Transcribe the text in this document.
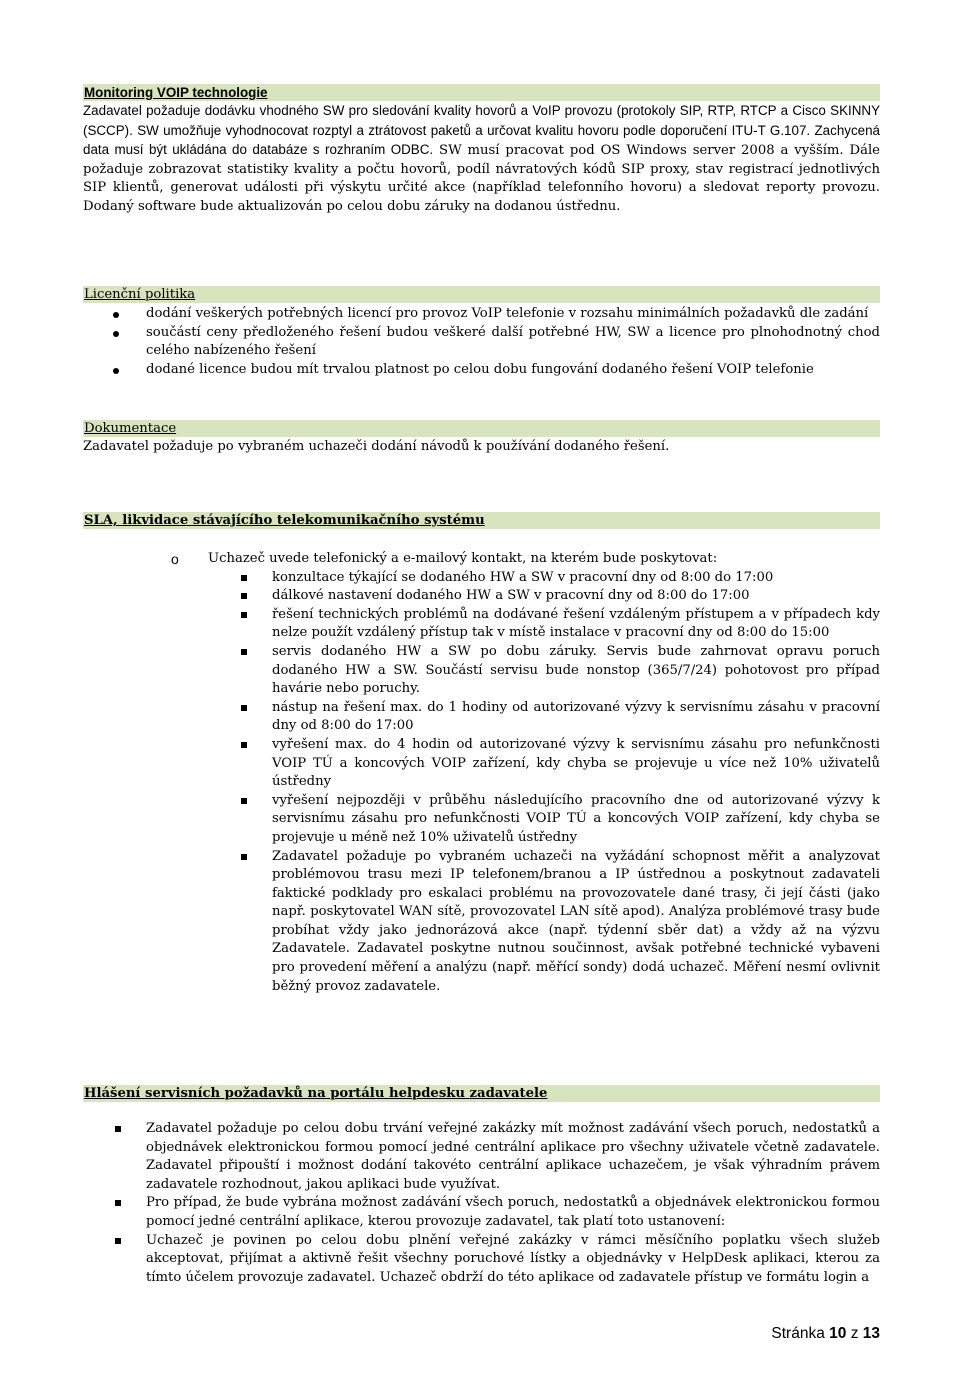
Monitoring VOIP technologie
Zadavatel požaduje dodávku vhodného SW pro sledování kvality hovorů a VoIP provozu (protokoly SIP, RTP, RTCP a Cisco SKINNY (SCCP). SW umožňuje vyhodnocovat rozptyl a ztrátovost paketů a určovat kvalitu hovoru podle doporučení ITU-T G.107. Zachycená data musí být ukládána do databáze s rozhraním ODBC. SW musí pracovat pod OS Windows server 2008 a vyšším. Dále požaduje zobrazovat statistiky kvality a počtu hovorů, podíl návratových kódů SIP proxy, stav registrací jednotlivých SIP klientů, generovat události při výskytu určité akce (například telefonního hovoru) a sledovat reporty provozu. Dodaný software bude aktualizován po celou dobu záruky na dodanou ústřednu.
Licenční politika
dodání veškerých potřebných licencí pro provoz VoIP telefonie v rozsahu minimálních požadavků dle zadání
součástí ceny předloženého řešení budou veškeré další potřebné HW, SW a licence pro plnohodnotný chod celého nabízeného řešení
dodané licence budou mít trvalou platnost po celou dobu fungování dodaného řešení VOIP telefonie
Dokumentace
Zadavatel požaduje po vybraném uchazeči dodání návodů k používání dodaného řešení.
SLA, likvidace stávajícího telekomunikačního systému
o Uchazeč uvede telefonický a e-mailový kontakt, na kterém bude poskytovat:
konzultace týkající se dodaného HW a SW v pracovní dny od 8:00 do 17:00
dálkové nastavení dodaného HW a SW v pracovní dny od 8:00 do 17:00
řešení technických problémů na dodávané řešení vzdáleným přístupem a v případech kdy nelze použít vzdálený přístup tak v místě instalace v pracovní dny od 8:00 do 15:00
servis dodaného HW a SW po dobu záruky. Servis bude zahrnovat opravu poruch dodaného HW a SW. Součástí servisu bude nonstop (365/7/24) pohotovost pro případ havárie nebo poruchy.
nástup na řešení max. do 1 hodiny od autorizované výzvy k servisnímu zásahu v pracovní dny od 8:00 do 17:00
vyřešení max. do 4 hodin od autorizované výzvy k servisnímu zásahu pro nefunkčnosti VOIP TÚ a koncových VOIP zařízení, kdy chyba se projevuje u více než 10% uživatelů ústředny
vyřešení nejpozději v průběhu následujícího pracovního dne od autorizované výzvy k servisnímu zásahu pro nefunkčnosti VOIP TÚ a koncových VOIP zařízení, kdy chyba se projevuje u méně než 10% uživatelů ústředny
Zadavatel požaduje po vybraném uchazeči na vyžádání schopnost měřit a analyzovat problémovou trasu mezi IP telefonem/branou a IP ústřednou a poskytnout zadavateli faktické podklady pro eskalaci problému na provozovatele dané trasy, či její části (jako např. poskytovatel WAN sítě, provozovatel LAN sítě apod). Analýza problémové trasy bude probíhat vždy jako jednorázová akce (např. týdenní sběr dat) a vždy až na výzvu Zadavatele. Zadavatel poskytne nutnou součinnost, avšak potřebné technické vybaveni pro provedení měření a analýzu (např. měřící sondy) dodá uchazeč. Měření nesmí ovlivnit běžný provoz zadavatele.
Hlášení servisních požadavků na portálu helpdesku zadavatele
Zadavatel požaduje po celou dobu trvání veřejné zakázky mít možnost zadávání všech poruch, nedostatků a objednávek elektronickou formou pomocí jedné centrální aplikace pro všechny uživatele včetně zadavatele. Zadavatel připouští i možnost dodání takovéto centrální aplikace uchazečem, je však výhradním právem zadavatele rozhodnout, jakou aplikaci bude využívat.
Pro případ, že bude vybrána možnost zadávání všech poruch, nedostatků a objednávek elektronickou formou pomocí jedné centrální aplikace, kterou provozuje zadavatel, tak platí toto ustanovení:
Uchazeč je povinen po celou dobu plnění veřejné zakázky v rámci měsíčního poplatku všech služeb akceptovat, přijímat a aktivně řešit všechny poruchové lístky a objednávky v HelpDesk aplikaci, kterou za tímto účelem provozuje zadavatel. Uchazeč obdrží do této aplikace od zadavatele přístup ve formátu login a
Stránka 10 z 13
